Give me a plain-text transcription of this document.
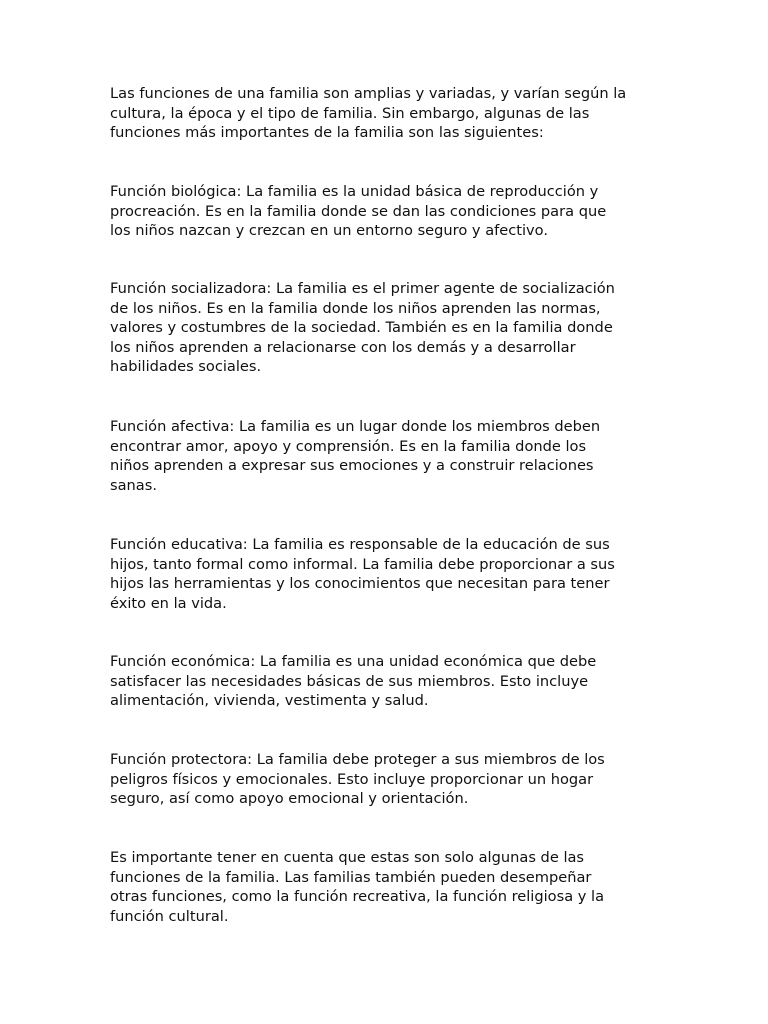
Las funciones de una familia son amplias y variadas, y varían según la
cultura, la época y el tipo de familia. Sin embargo, algunas de las
funciones más importantes de la familia son las siguientes:

Función biológica: La familia es la unidad básica de reproducción y
procreación. Es en la familia donde se dan las condiciones para que
los niños nazcan y crezcan en un entorno seguro y afectivo.

Función socializadora: La familia es el primer agente de socialización
de los niños. Es en la familia donde los niños aprenden las normas,
valores y costumbres de la sociedad. También es en la familia donde
los niños aprenden a relacionarse con los demás y a desarrollar
habilidades sociales.

Función afectiva: La familia es un lugar donde los miembros deben
encontrar amor, apoyo y comprensión. Es en la familia donde los
niños aprenden a expresar sus emociones y a construir relaciones
sanas.

Función educativa: La familia es responsable de la educación de sus
hijos, tanto formal como informal. La familia debe proporcionar a sus
hijos las herramientas y los conocimientos que necesitan para tener
éxito en la vida.

Función económica: La familia es una unidad económica que debe
satisfacer las necesidades básicas de sus miembros. Esto incluye
alimentación, vivienda, vestimenta y salud.

Función protectora: La familia debe proteger a sus miembros de los
peligros físicos y emocionales. Esto incluye proporcionar un hogar
seguro, así como apoyo emocional y orientación.

Es importante tener en cuenta que estas son solo algunas de las
funciones de la familia. Las familias también pueden desempeñar
otras funciones, como la función recreativa, la función religiosa y la
función cultural.
